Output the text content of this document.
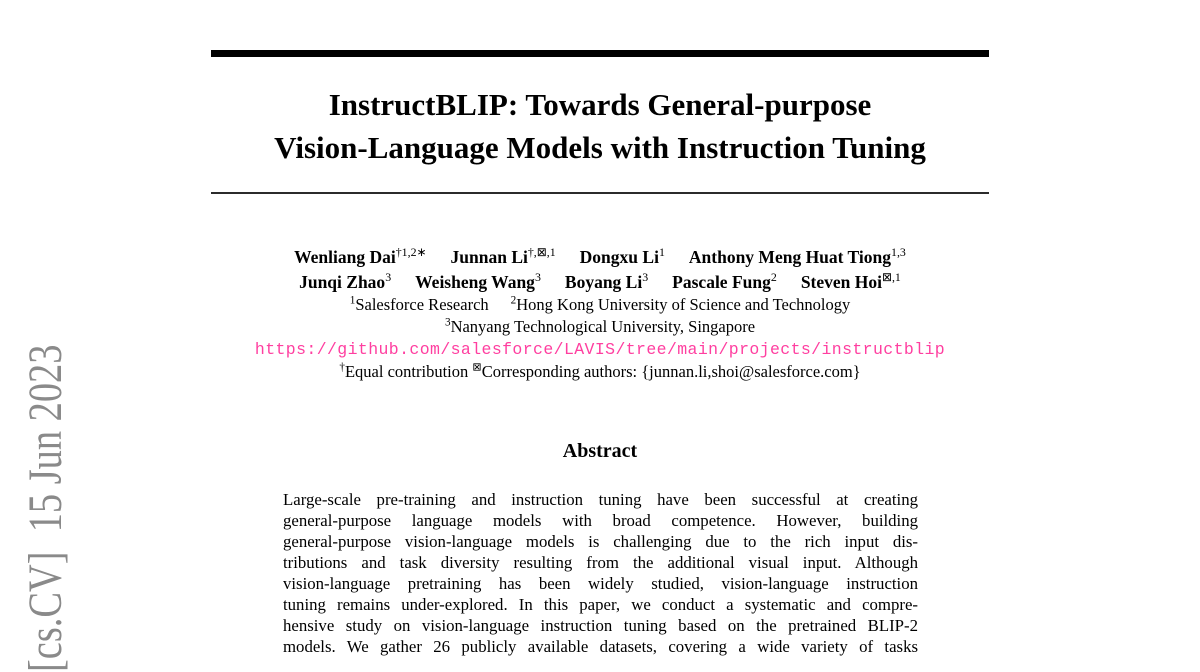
[cs.CV]  15 Jun 2023
InstructBLIP: Towards General-purpose
Vision-Language Models with Instruction Tuning
Wenliang Dai$^{\dagger 1,2∗}$ Junnan $Li^{\dagger,⊠,1}$ Dongxu Li$^1$ Anthony Meng Huat Tiong$^{1,3}$
Junqi Zhao$^3$ Weisheng Wang$^3$ Boyang Li$^3$ Pascale Fung$^2$ Steven Hoi$^{⊠,1}$
$^1$Salesforce Research $^2$Hong Kong University of Science and Technology
$^3$Nanyang Technological University, Singapore
https://github.com/salesforce/LAVIS/tree/main/projects/instructblip
†Equal contribution ⊠Corresponding authors: {junnan.li,shoi@salesforce.com}
Abstract
Large-scale pre-training and instruction tuning have been successful at creating
general-purpose language models with broad competence. However, building
general-purpose vision-language models is challenging due to the rich input dis-
tributions and task diversity resulting from the additional visual input. Although
vision-language pretraining has been widely studied, vision-language instruction
tuning remains under-explored. In this paper, we conduct a systematic and compre-
hensive study on vision-language instruction tuning based on the pretrained BLIP-2
models. We gather 26 publicly available datasets, covering a wide variety of tasks
